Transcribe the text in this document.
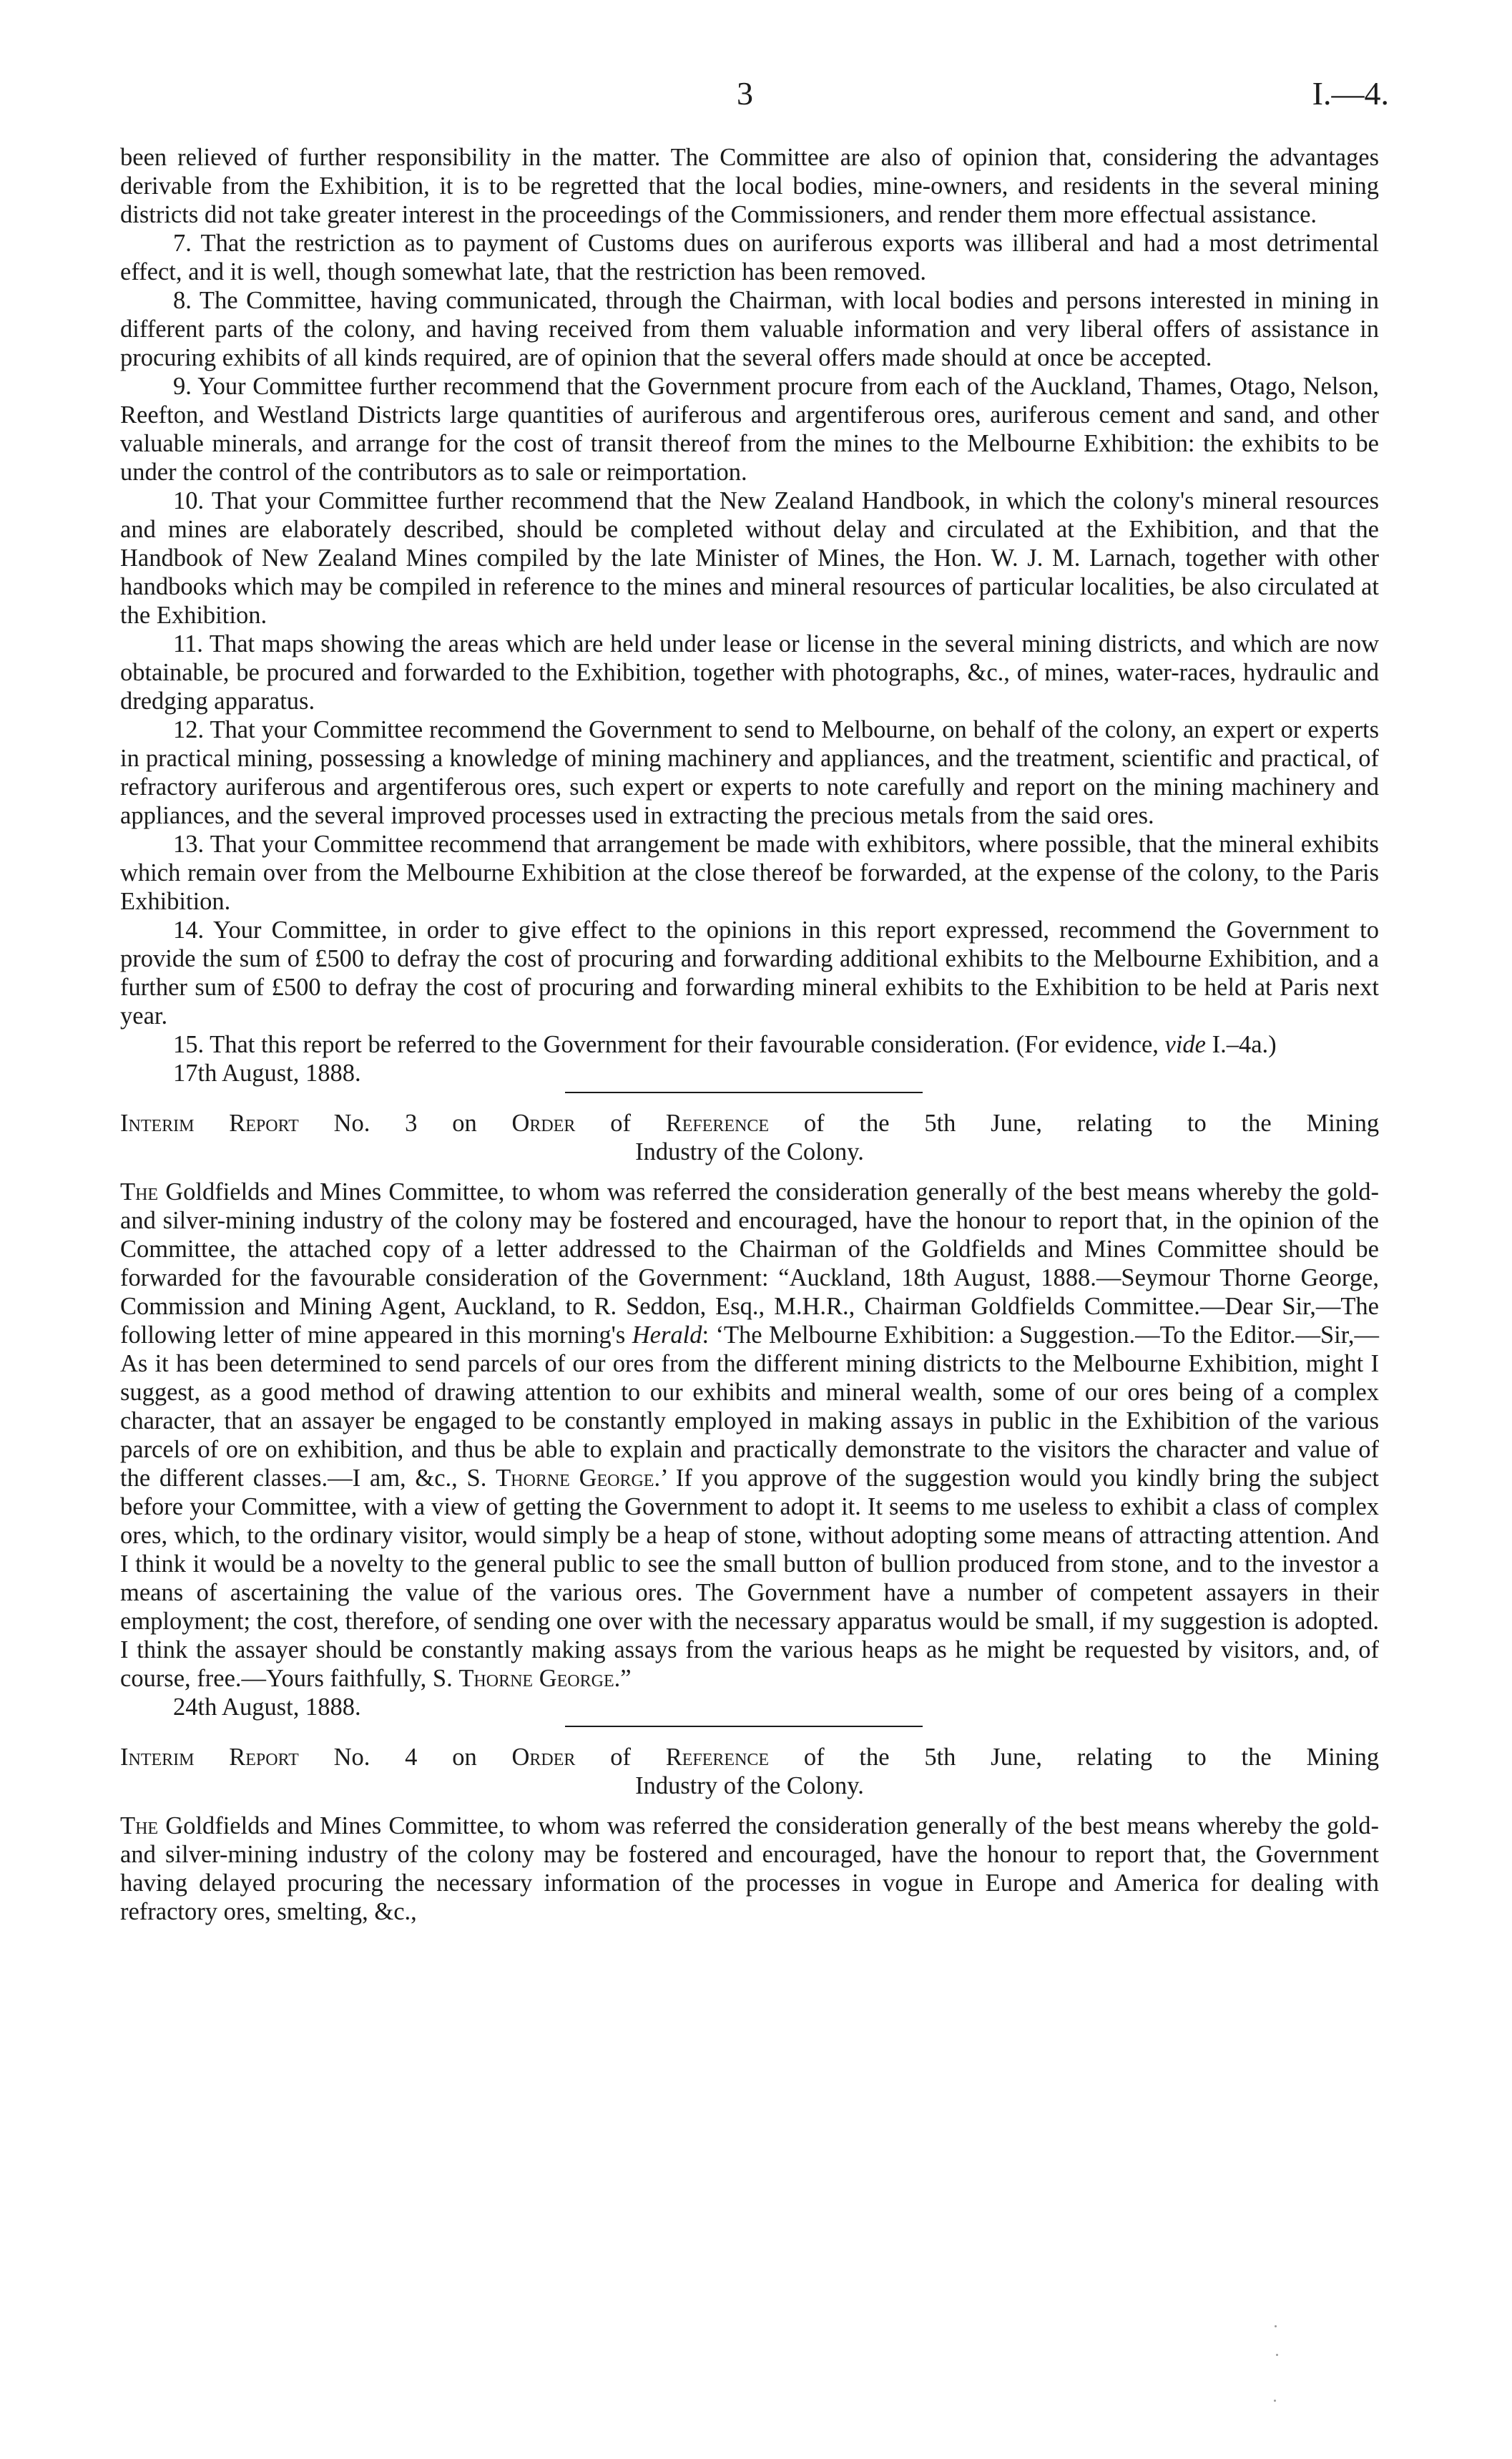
3	I.—4.

been relieved of further responsibility in the matter. The Committee are also of opinion that, considering the advantages derivable from the Exhibition, it is to be regretted that the local bodies, mine-owners, and residents in the several mining districts did not take greater interest in the proceedings of the Commissioners, and render them more effectual assistance.

7. That the restriction as to payment of Customs dues on auriferous exports was illiberal and had a most detrimental effect, and it is well, though somewhat late, that the restriction has been removed.

8. The Committee, having communicated, through the Chairman, with local bodies and persons interested in mining in different parts of the colony, and having received from them valuable information and very liberal offers of assistance in procuring exhibits of all kinds required, are of opinion that the several offers made should at once be accepted.

9. Your Committee further recommend that the Government procure from each of the Auckland, Thames, Otago, Nelson, Reefton, and Westland Districts large quantities of auriferous and argentiferous ores, auriferous cement and sand, and other valuable minerals, and arrange for the cost of transit thereof from the mines to the Melbourne Exhibition: the exhibits to be under the control of the contributors as to sale or reimportation.

10. That your Committee further recommend that the New Zealand Handbook, in which the colony's mineral resources and mines are elaborately described, should be completed without delay and circulated at the Exhibition, and that the Handbook of New Zealand Mines compiled by the late Minister of Mines, the Hon. W. J. M. Larnach, together with other handbooks which may be compiled in reference to the mines and mineral resources of particular localities, be also circulated at the Exhibition.

11. That maps showing the areas which are held under lease or license in the several mining districts, and which are now obtainable, be procured and forwarded to the Exhibition, together with photographs, &c., of mines, water-races, hydraulic and dredging apparatus.

12. That your Committee recommend the Government to send to Melbourne, on behalf of the colony, an expert or experts in practical mining, possessing a knowledge of mining machinery and appliances, and the treatment, scientific and practical, of refractory auriferous and argentiferous ores, such expert or experts to note carefully and report on the mining machinery and appliances, and the several improved processes used in extracting the precious metals from the said ores.

13. That your Committee recommend that arrangement be made with exhibitors, where possible, that the mineral exhibits which remain over from the Melbourne Exhibition at the close thereof be forwarded, at the expense of the colony, to the Paris Exhibition.

14. Your Committee, in order to give effect to the opinions in this report expressed, recommend the Government to provide the sum of £500 to defray the cost of procuring and forwarding additional exhibits to the Melbourne Exhibition, and a further sum of £500 to defray the cost of procuring and forwarding mineral exhibits to the Exhibition to be held at Paris next year.

15. That this report be referred to the Government for their favourable consideration. (For evidence, vide I.–4a.)

17th August, 1888.

Interim Report No. 3 on Order of Reference of the 5th June, relating to the Mining
Industry of the Colony.

The Goldfields and Mines Committee, to whom was referred the consideration generally of the best means whereby the gold- and silver-mining industry of the colony may be fostered and encouraged, have the honour to report that, in the opinion of the Committee, the attached copy of a letter addressed to the Chairman of the Goldfields and Mines Committee should be forwarded for the favourable consideration of the Government: “Auckland, 18th August, 1888.—Seymour Thorne George, Commission and Mining Agent, Auckland, to R. Seddon, Esq., M.H.R., Chairman Goldfields Committee.—Dear Sir,—The following letter of mine appeared in this morning's Herald: ‘The Melbourne Exhibition: a Suggestion.—To the Editor.—Sir,—As it has been determined to send parcels of our ores from the different mining districts to the Melbourne Exhibition, might I suggest, as a good method of drawing attention to our exhibits and mineral wealth, some of our ores being of a complex character, that an assayer be engaged to be constantly employed in making assays in public in the Exhibition of the various parcels of ore on exhibition, and thus be able to explain and practically demonstrate to the visitors the character and value of the different classes.—I am, &c., S. Thorne George.’ If you approve of the suggestion would you kindly bring the subject before your Committee, with a view of getting the Government to adopt it. It seems to me useless to exhibit a class of complex ores, which, to the ordinary visitor, would simply be a heap of stone, without adopting some means of attracting attention. And I think it would be a novelty to the general public to see the small button of bullion produced from stone, and to the investor a means of ascertaining the value of the various ores. The Government have a number of competent assayers in their employment; the cost, therefore, of sending one over with the necessary apparatus would be small, if my suggestion is adopted. I think the assayer should be constantly making assays from the various heaps as he might be requested by visitors, and, of course, free.—Yours faithfully, S. Thorne George.”

24th August, 1888.

Interim Report No. 4 on Order of Reference of the 5th June, relating to the Mining
Industry of the Colony.

The Goldfields and Mines Committee, to whom was referred the consideration generally of the best means whereby the gold- and silver-mining industry of the colony may be fostered and encouraged, have the honour to report that, the Government having delayed procuring the necessary information of the processes in vogue in Europe and America for dealing with refractory ores, smelting, &c.,
